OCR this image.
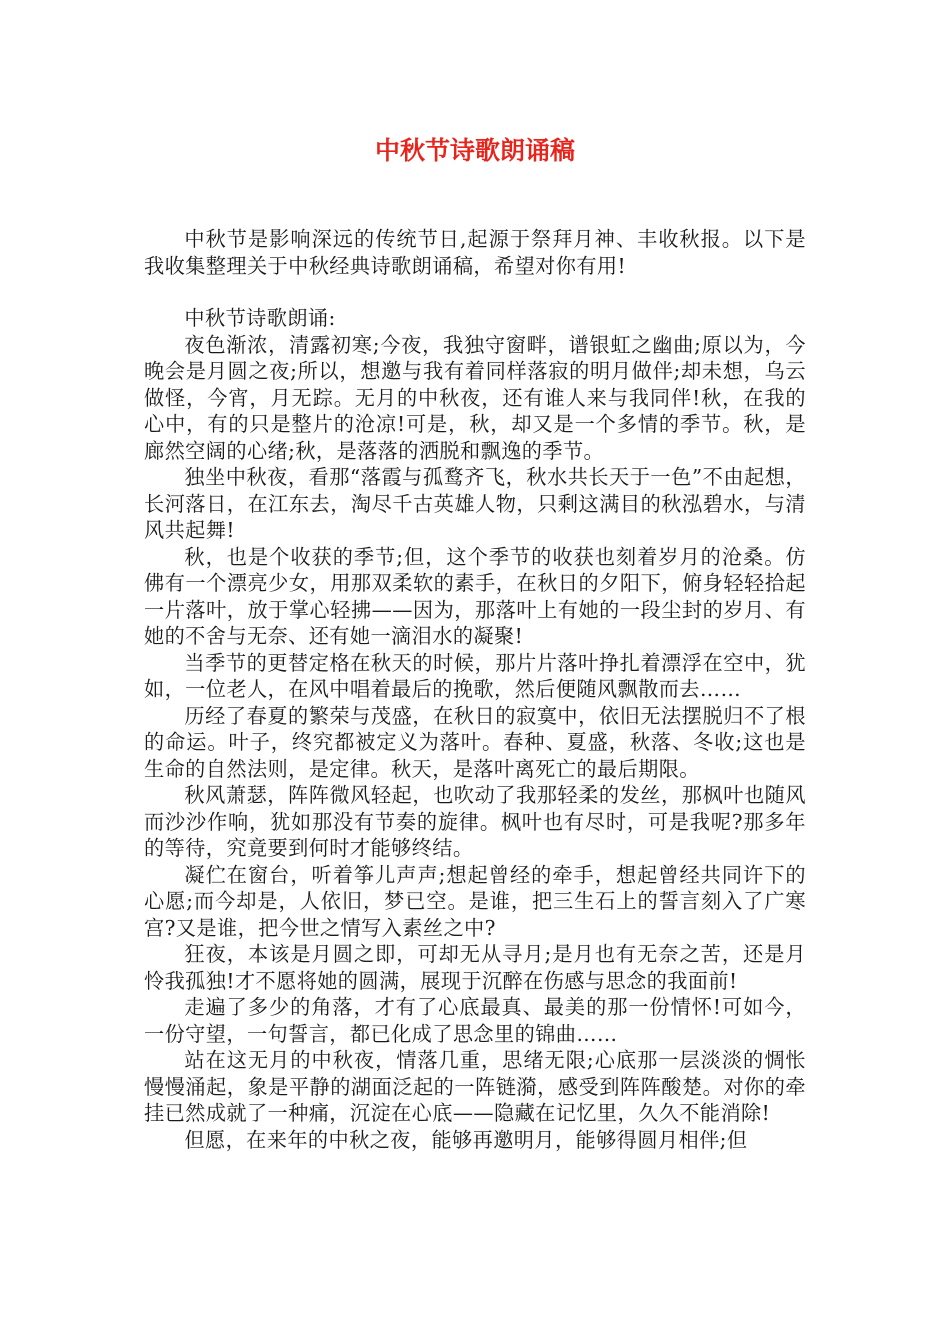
中秋节诗歌朗诵稿

中秋节是影响深远的传统节日,起源于祭拜月神、丰收秋报。以下是我收集整理关于中秋经典诗歌朗诵稿，希望对你有用!

中秋节诗歌朗诵:

夜色渐浓，清露初寒;今夜，我独守窗畔，谱银虹之幽曲;原以为，今晚会是月圆之夜;所以，想邀与我有着同样落寂的明月做伴;却未想，乌云做怪，今宵，月无踪。无月的中秋夜，还有谁人来与我同伴!秋，在我的心中，有的只是整片的沧凉!可是，秋，却又是一个多情的季节。秋，是廊然空阔的心绪;秋，是落落的洒脱和飘逸的季节。

独坐中秋夜，看那“落霞与孤鹜齐飞，秋水共长天于一色”不由起想，长河落日，在江东去，淘尽千古英雄人物，只剩这满目的秋泓碧水，与清风共起舞!

秋，也是个收获的季节;但，这个季节的收获也刻着岁月的沧桑。仿佛有一个漂亮少女，用那双柔软的素手，在秋日的夕阳下，俯身轻轻拾起一片落叶，放于掌心轻拂——因为，那落叶上有她的一段尘封的岁月、有她的不舍与无奈、还有她一滴泪水的凝聚!

当季节的更替定格在秋天的时候，那片片落叶挣扎着漂浮在空中，犹如，一位老人，在风中唱着最后的挽歌，然后便随风飘散而去……

历经了春夏的繁荣与茂盛，在秋日的寂寞中，依旧无法摆脱归不了根的命运。叶子，终究都被定义为落叶。春种、夏盛，秋落、冬收;这也是生命的自然法则，是定律。秋天，是落叶离死亡的最后期限。

秋风萧瑟，阵阵微风轻起，也吹动了我那轻柔的发丝，那枫叶也随风而沙沙作响，犹如那没有节奏的旋律。枫叶也有尽时，可是我呢?那多年的等待，究竟要到何时才能够终结。

凝伫在窗台，听着筝儿声声;想起曾经的牵手，想起曾经共同许下的心愿;而今却是，人依旧，梦已空。是谁，把三生石上的誓言刻入了广寒宫?又是谁，把今世之情写入素丝之中?

狂夜，本该是月圆之即，可却无从寻月;是月也有无奈之苦，还是月怜我孤独!才不愿将她的圆满，展现于沉醉在伤感与思念的我面前!

走遍了多少的角落，才有了心底最真、最美的那一份情怀!可如今，一份守望，一句誓言，都已化成了思念里的锦曲……

站在这无月的中秋夜，情落几重，思绪无限;心底那一层淡淡的惆怅慢慢涌起，象是平静的湖面泛起的一阵链漪，感受到阵阵酸楚。对你的牵挂已然成就了一种痛，沉淀在心底——隐藏在记忆里，久久不能消除!

但愿，在来年的中秋之夜，能够再邀明月，能够得圆月相伴;但
